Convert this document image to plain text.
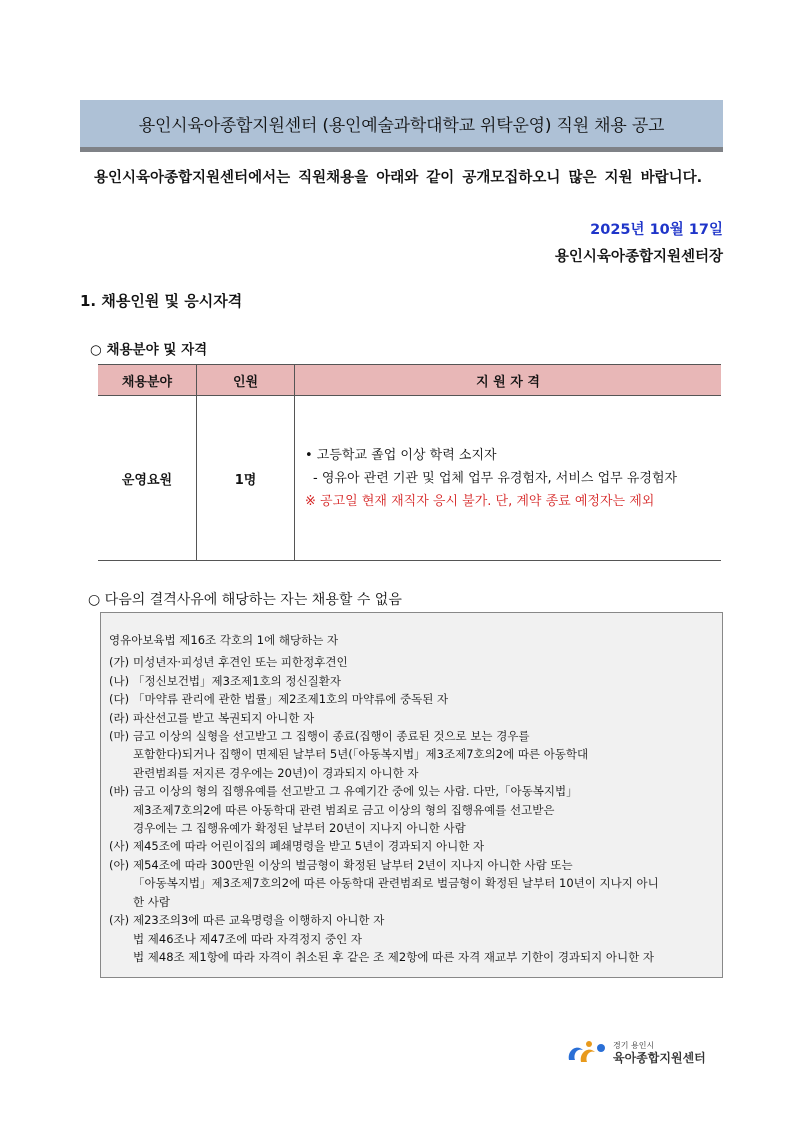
용인시육아종합지원센터 (용인예술과학대학교 위탁운영) 직원 채용 공고
용인시육아종합지원센터에서는 직원채용을 아래와 같이 공개모집하오니 많은 지원 바랍니다.
2025년 10월 17일
용인시육아종합지원센터장
1. 채용인원 및 응시자격
○ 채용분야 및 자격
채용분야	인원	지 원 자 격
운영요원	1명	• 고등학교 졸업 이상 학력 소지자
- 영유아 관련 기관 및 업체 업무 유경험자, 서비스 업무 유경험자
※ 공고일 현재 재직자 응시 불가. 단, 계약 종료 예정자는 제외
○ 다음의 결격사유에 해당하는 자는 채용할 수 없음
영유아보육법 제16조 각호의 1에 해당하는 자
(가) 미성년자·피성년 후견인 또는 피한정후견인
(나) 「정신보건법」제3조제1호의 정신질환자
(다) 「마약류 관리에 관한 법률」제2조제1호의 마약류에 중독된 자
(라) 파산선고를 받고 복권되지 아니한 자
(마) 금고 이상의 실형을 선고받고 그 집행이 종료(집행이 종료된 것으로 보는 경우를
포함한다)되거나 집행이 면제된 날부터 5년(「아동복지법」제3조제7호의2에 따른 아동학대
관련범죄를 저지른 경우에는 20년)이 경과되지 아니한 자
(바) 금고 이상의 형의 집행유예를 선고받고 그 유예기간 중에 있는 사람. 다만,「아동복지법」
제3조제7호의2에 따른 아동학대 관련 범죄로 금고 이상의 형의 집행유예를 선고받은
경우에는 그 집행유예가 확정된 날부터 20년이 지나지 아니한 사람
(사) 제45조에 따라 어린이집의 폐쇄명령을 받고 5년이 경과되지 아니한 자
(아) 제54조에 따라 300만원 이상의 벌금형이 확정된 날부터 2년이 지나지 아니한 사람 또는
「아동복지법」제3조제7호의2에 따른 아동학대 관련범죄로 벌금형이 확정된 날부터 10년이 지나지 아니
한 사람
(자) 제23조의3에 따른 교육명령을 이행하지 아니한 자
법 제46조나 제47조에 따라 자격정지 중인 자
법 제48조 제1항에 따라 자격이 취소된 후 같은 조 제2항에 따른 자격 재교부 기한이 경과되지 아니한 자
경기 용인시
육아종합지원센터
